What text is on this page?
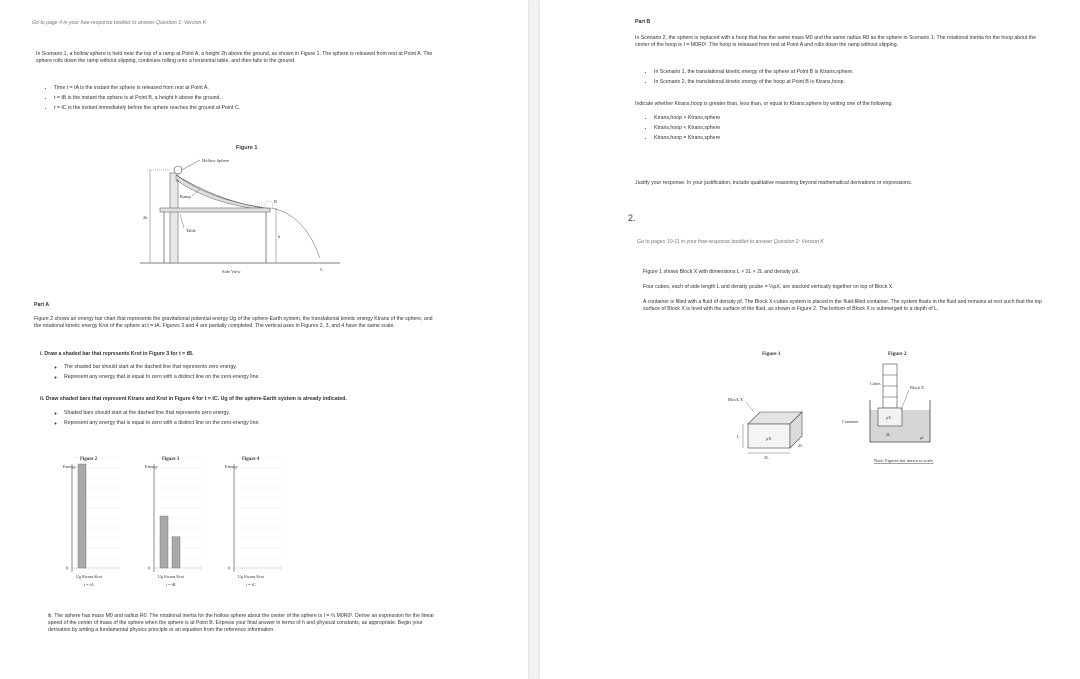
Go to page 4 in your free-response booklet to answer Question 1: Version K

In Scenario 1, a hollow sphere is held near the top of a ramp at Point A, a height 2h above the ground, as shown in Figure 1. The sphere is released from rest at Point A. The sphere rolls down the ramp without slipping, continues rolling onto a horizontal table, and then falls to the ground.

• Time t = tA is the instant the sphere is released from rest at Point A.
• t = tB is the instant the sphere is at Point B, a height h above the ground.
• t = tC is the instant immediately before the sphere reaches the ground at Point C.
Figure 1
Hollow Sphere
A
Ramp
Table
B
C
2h
h
Side View

Part A

Figure 2 shows an energy bar chart that represents the gravitational potential energy Ug of the sphere-Earth system, the translational kinetic energy Ktrans of the sphere, and the rotational kinetic energy Krot of the sphere at t = tA. Figures 3 and 4 are partially completed. The vertical axes in Figures 2, 3, and 4 have the same scale.

i. Draw a shaded bar that represents Krot in Figure 3 for t = tB.

◦ The shaded bar should start at the dashed line that represents zero energy.
◦ Represent any energy that is equal to zero with a distinct line on the zero-energy line.

ii. Draw shaded bars that represent Ktrans and Krot in Figure 4 for t = tC. Ug of the sphere-Earth system is already indicated.

◦ Shaded bars should start at the dashed line that represents zero energy.
◦ Represent any energy that is equal to zero with a distinct line on the zero-energy line.
Figure 2
Energy
0
Ug Ktrans Krot
t = tA
Figure 3
Energy
0
Ug Ktrans Krot
t = tB
Figure 4
Energy
0
Ug Ktrans Krot
t = tC

iii. The sphere has mass M0 and radius R0. The rotational inertia for the hollow sphere about the center of the sphere is I = ⅔ M0R0². Derive an expression for the linear speed of the center of mass of the sphere when the sphere is at Point B. Express your final answer in terms of h and physical constants, as appropriate. Begin your derivation by writing a fundamental physics principle or an equation from the reference information.

Part B

In Scenario 2, the sphere is replaced with a hoop that has the same mass M0 and the same radius R0 as the sphere in Scenario 1. The rotational inertia for the hoop about the center of the hoop is I = M0R0². The hoop is released from rest at Point A and rolls down the ramp without slipping.

• In Scenario 1, the translational kinetic energy of the sphere at Point B is Ktrans,sphere.
• In Scenario 2, the translational kinetic energy of the hoop at Point B is Ktrans,hoop.

Indicate whether Ktrans,hoop is greater than, less than, or equal to Ktrans,sphere by writing one of the following.

• Ktrans,hoop > Ktrans,sphere
• Ktrans,hoop < Ktrans,sphere
• Ktrans,hoop = Ktrans,sphere

Justify your response. In your justification, include qualitative reasoning beyond mathematical derivations or expressions.

2.

Go to pages 10-11 in your free-response booklet to answer Question 2: Version K

Figure 1 shows Block X with dimensions L × 2L × 2L and density ρX.

Four cubes, each of side length L and density ρcube = ⅓ρX, are stacked vertically together on top of Block X.

A container is filled with a fluid of density ρf. The Block X-cubes system is placed in the fluid-filled container. The system floats in the fluid and remains at rest such that the top surface of Block X is level with the surface of the fluid, as shown in Figure 2. The bottom of Block X is submerged to a depth of L.

Figure 1	Figure 2
Block X
ρX
L
2L
2L
Cubes
Block X
ρX
Container
ρf
2L
Note: Figures not drawn to scale.
